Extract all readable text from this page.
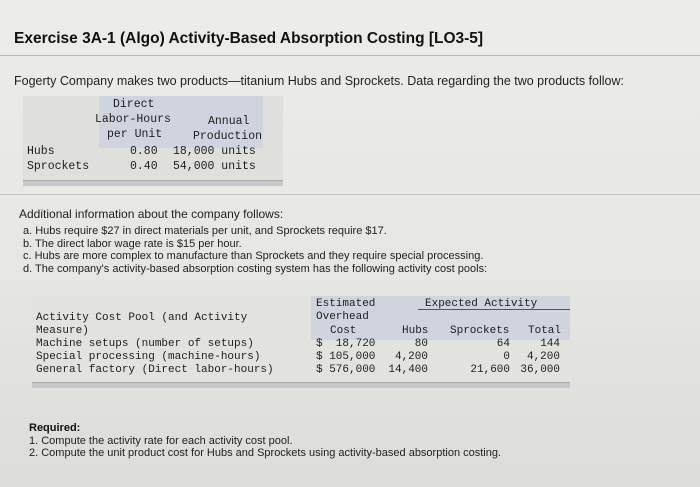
Exercise 3A-1 (Algo) Activity-Based Absorption Costing [LO3-5]
Fogerty Company makes two products—titanium Hubs and Sprockets. Data regarding the two products follow:
Direct
Labor-Hours
per Unit
Annual
Production
Hubs	0.80 18,000 units
Sprockets	0.40 54,000 units
Additional information about the company follows:
a. Hubs require $27 in direct materials per unit, and Sprockets require $17.
b. The direct labor wage rate is $15 per hour.
c. Hubs are more complex to manufacture than Sprockets and they require special processing.
d. The company's activity-based absorption costing system has the following activity cost pools:
Estimated
Overhead
Cost
Expected Activity
Activity Cost Pool (and Activity
Measure)	Hubs Sprockets Total
Machine setups (number of setups)	$  18,720	80	64	144
Special processing (machine-hours)	$ 105,000	4,200	0	4,200
General factory (Direct labor-hours)	$ 576,000	14,400	21,600 36,000
Required:
1. Compute the activity rate for each activity cost pool.
2. Compute the unit product cost for Hubs and Sprockets using activity-based absorption costing.
